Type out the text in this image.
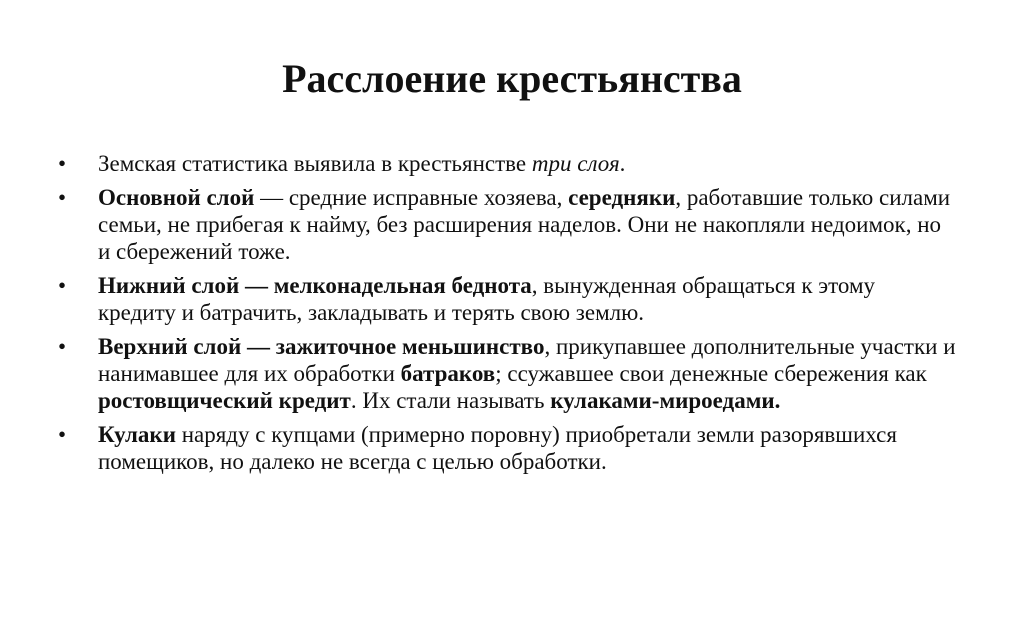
Расслоение крестьянства
• Земская статистика выявила в крестьянстве три слоя.
• Основной слой — средние исправные хозяева, середняки, работавшие только силами семьи, не прибегая к найму, без расширения наделов. Они не накопляли недоимок, но и сбережений тоже.
• Нижний слой — мелконадельная беднота, вынужденная обращаться к этому кредиту и батрачить, закладывать и терять свою землю.
• Верхний слой — зажиточное меньшинство, прикупавшее дополнительные участки и нанимавшее для их обработки батраков; ссужавшее свои денежные сбережения как ростовщический кредит. Их стали называть кулаками-мироедами.
• Кулаки наряду с купцами (примерно поровну) приобретали земли разорявшихся помещиков, но далеко не всегда с целью обработки.
